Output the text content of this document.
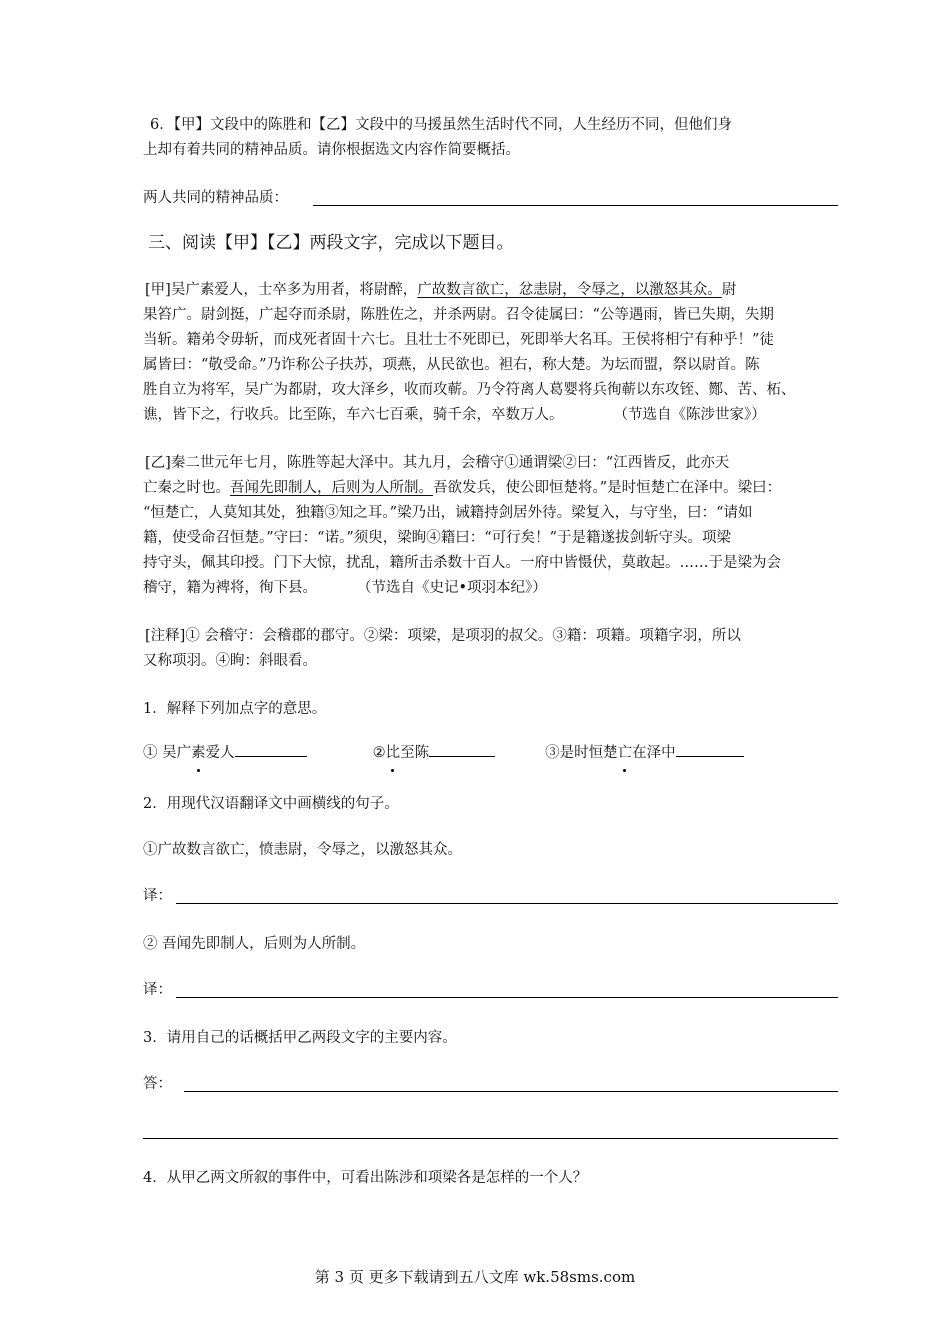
6．【甲】文段中的陈胜和【乙】文段中的马援虽然生活时代不同，人生经历不同，但他们身
上却有着共同的精神品质。请你根据选文内容作简要概括。
两人共同的精神品质：
三、阅读【甲】【乙】两段文字，完成以下题目。
[甲]吴广素爱人，士卒多为用者，将尉醉，广故数言欲亡，忿恚尉，令辱之，以激怒其众。尉
果笞广。尉剑挺，广起夺而杀尉，陈胜佐之，并杀两尉。召令徒属曰：“公等遇雨，皆已失期，失期
当斩。籍弟令毋斩，而戍死者固十六七。且壮士不死即已，死即举大名耳。王侯将相宁有种乎！”徒
属皆曰：“敬受命。”乃诈称公子扶苏，项燕，从民欲也。袒右，称大楚。为坛而盟，祭以尉首。陈
胜自立为将军，吴广为都尉，攻大泽乡，收而攻蕲。乃令符离人葛婴将兵徇蕲以东攻铚、酂、苦、柘、
谯，皆下之，行收兵。比至陈，车六七百乘，骑千余，卒数万人。	（节选自《陈涉世家》）
[乙]秦二世元年七月，陈胜等起大泽中。其九月，会稽守①通谓梁②曰：“江西皆反，此亦天
亡秦之时也。吾闻先即制人，后则为人所制。吾欲发兵，使公即恒楚将。”是时恒楚亡在泽中。梁曰：
“恒楚亡，人莫知其处，独籍③知之耳。”梁乃出，诫籍持剑居外待。梁复入，与守坐，曰：“请如
籍，使受命召恒楚。”守曰：“诺。”须臾，梁眴④籍曰：“可行矣！”于是籍遂拔剑斩守头。项梁
持守头，佩其印授。门下大惊，扰乱，籍所击杀数十百人。一府中皆慑伏，莫敢起。……于是梁为会
稽守，籍为裨将，徇下县。	（节选自《史记•项羽本纪》）
[注释]① 会稽守：会稽郡的郡守。②梁：项梁，是项羽的叔父。③籍：项籍。项籍字羽，所以
又称项羽。④眴：斜眼看。
1．解释下列加点字的意思。
① 吴广素爱人	②比至陈	③是时恒楚亡在泽中
2．用现代汉语翻译文中画横线的句子。
①广故数言欲亡，愤恚尉，令辱之，以激怒其众。
译：
② 吾闻先即制人，后则为人所制。
译：
3．请用自己的话概括甲乙两段文字的主要内容。
答：
4．从甲乙两文所叙的事件中，可看出陈涉和项梁各是怎样的一个人？
第 3 页 更多下载请到五八文库 wk.58sms.com
